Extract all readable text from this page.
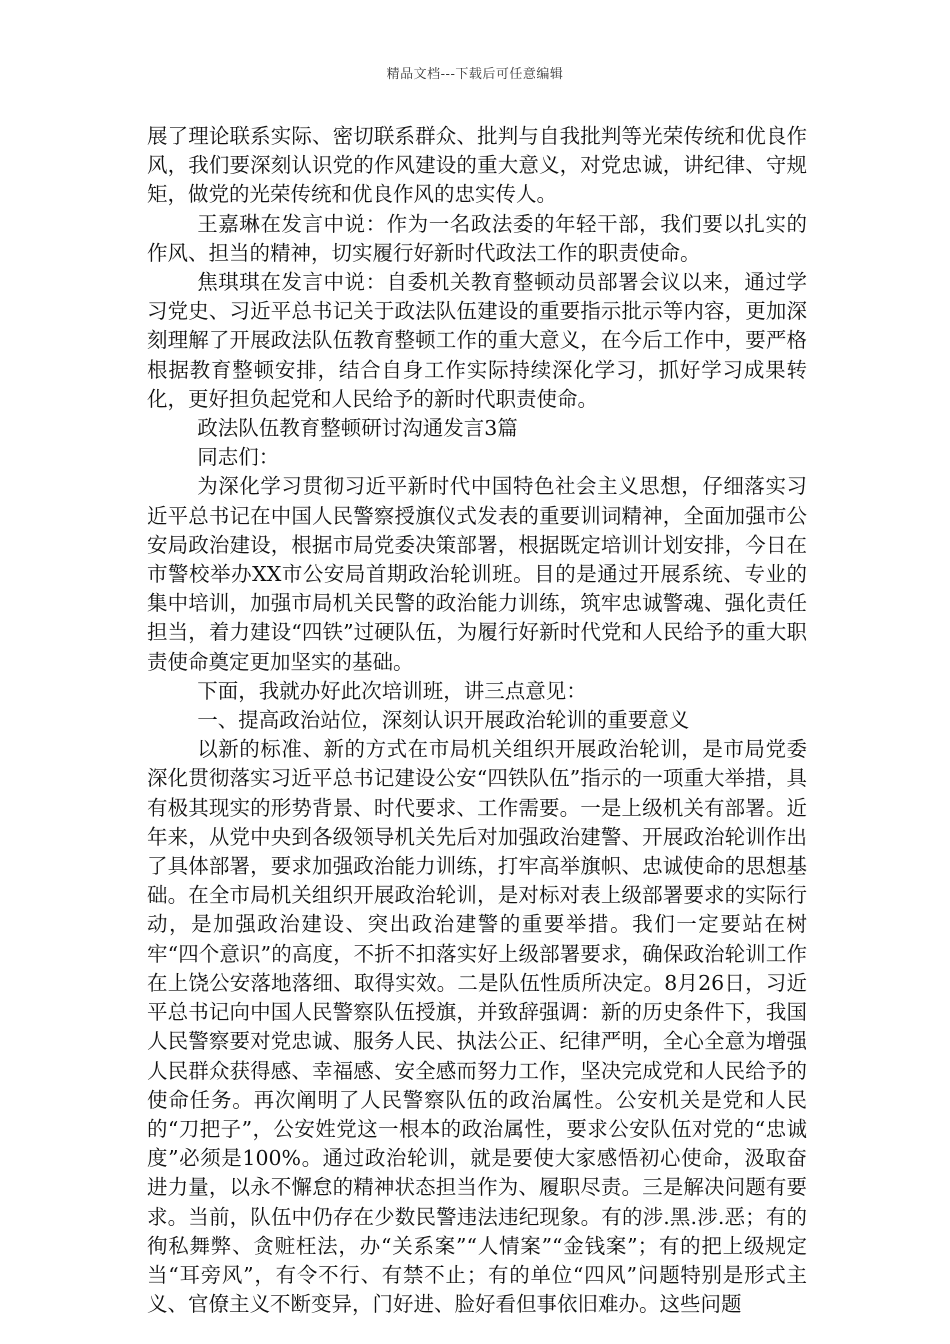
精品文档---下载后可任意编辑

展了理论联系实际、密切联系群众、批判与自我批判等光荣传统和优良作风，我们要深刻认识党的作风建设的重大意义，对党忠诚，讲纪律、守规矩，做党的光荣传统和优良作风的忠实传人。

王嘉琳在发言中说：作为一名政法委的年轻干部，我们要以扎实的作风、担当的精神，切实履行好新时代政法工作的职责使命。

焦琪琪在发言中说：自委机关教育整顿动员部署会议以来，通过学习党史、习近平总书记关于政法队伍建设的重要指示批示等内容，更加深刻理解了开展政法队伍教育整顿工作的重大意义，在今后工作中，要严格根据教育整顿安排，结合自身工作实际持续深化学习，抓好学习成果转化，更好担负起党和人民给予的新时代职责使命。

政法队伍教育整顿研讨沟通发言3篇

同志们：

为深化学习贯彻习近平新时代中国特色社会主义思想，仔细落实习近平总书记在中国人民警察授旗仪式发表的重要训词精神，全面加强市公安局政治建设，根据市局党委决策部署，根据既定培训计划安排，今日在市警校举办XX市公安局首期政治轮训班。目的是通过开展系统、专业的集中培训，加强市局机关民警的政治能力训练，筑牢忠诚警魂、强化责任担当，着力建设“四铁”过硬队伍，为履行好新时代党和人民给予的重大职责使命奠定更加坚实的基础。

下面，我就办好此次培训班，讲三点意见：

一、提高政治站位，深刻认识开展政治轮训的重要意义

以新的标准、新的方式在市局机关组织开展政治轮训，是市局党委深化贯彻落实习近平总书记建设公安“四铁队伍”指示的一项重大举措，具有极其现实的形势背景、时代要求、工作需要。一是上级机关有部署。近年来，从党中央到各级领导机关先后对加强政治建警、开展政治轮训作出了具体部署，要求加强政治能力训练，打牢高举旗帜、忠诚使命的思想基础。在全市局机关组织开展政治轮训，是对标对表上级部署要求的实际行动，是加强政治建设、突出政治建警的重要举措。我们一定要站在树牢“四个意识”的高度，不折不扣落实好上级部署要求，确保政治轮训工作在上饶公安落地落细、取得实效。二是队伍性质所决定。8月26日，习近平总书记向中国人民警察队伍授旗，并致辞强调：新的历史条件下，我国人民警察要对党忠诚、服务人民、执法公正、纪律严明，全心全意为增强人民群众获得感、幸福感、安全感而努力工作，坚决完成党和人民给予的使命任务。再次阐明了人民警察队伍的政治属性。公安机关是党和人民的“刀把子”，公安姓党这一根本的政治属性，要求公安队伍对党的“忠诚度”必须是100%。通过政治轮训，就是要使大家感悟初心使命，汲取奋进力量，以永不懈怠的精神状态担当作为、履职尽责。三是解决问题有要求。当前，队伍中仍存在少数民警违法违纪现象。有的涉.黑.涉.恶；有的徇私舞弊、贪赃枉法，办“关系案”“人情案”“金钱案”；有的把上级规定当“耳旁风”，有令不行、有禁不止；有的单位“四风”问题特别是形式主义、官僚主义不断变异，门好进、脸好看但事依旧难办。这些问题
